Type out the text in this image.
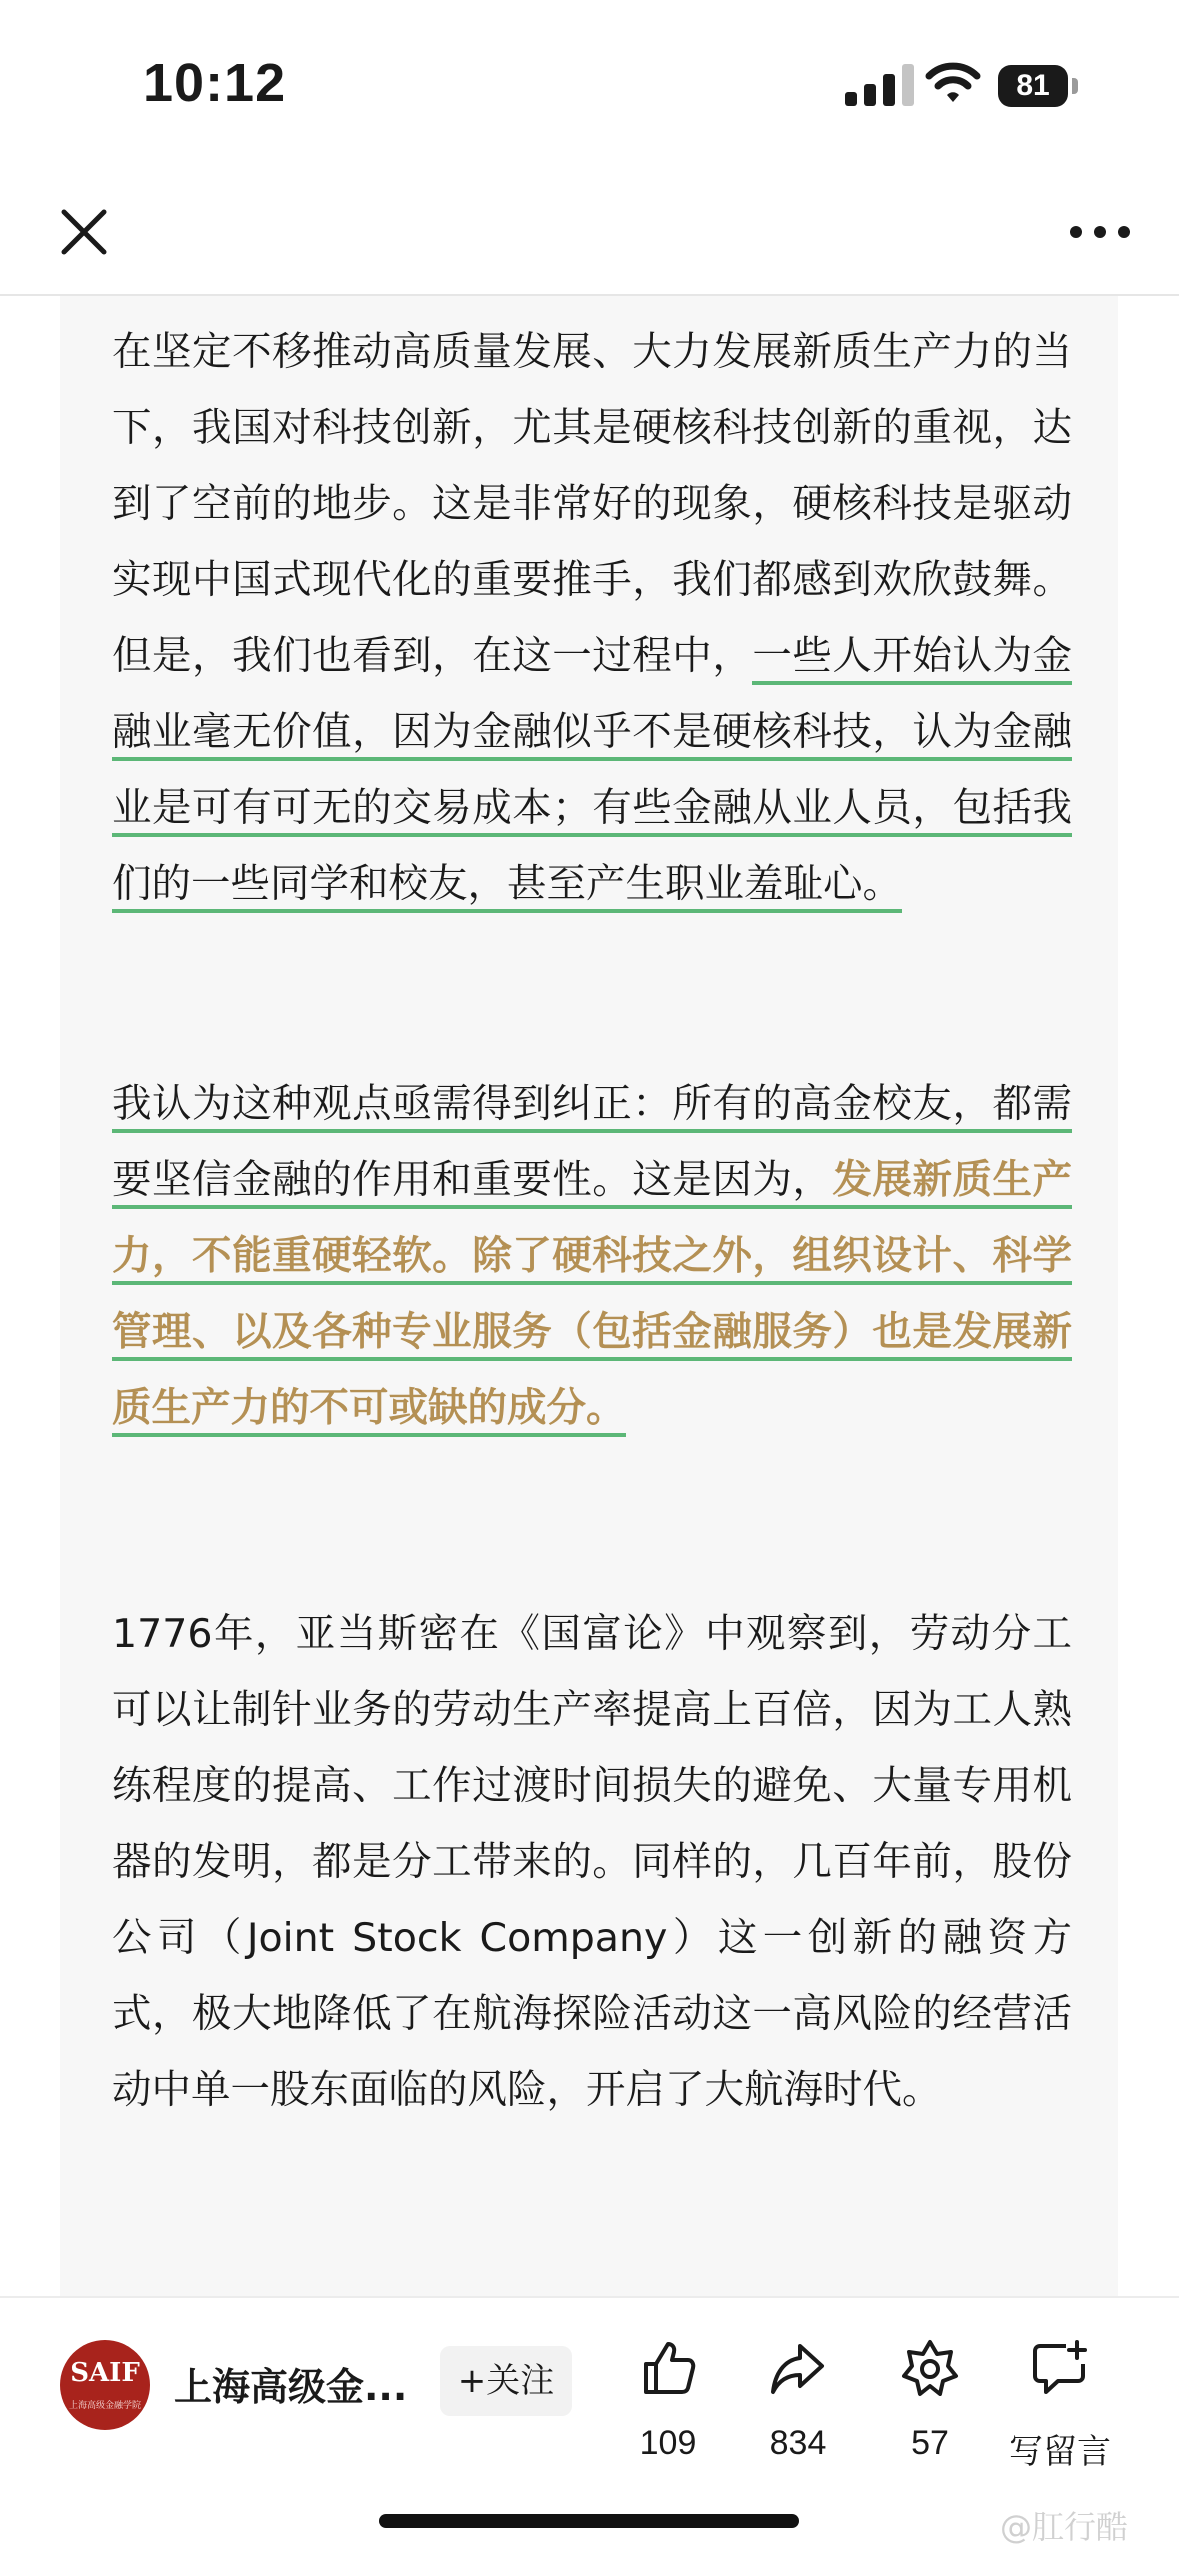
10:12	81

在坚定不移推动高质量发展、大力发展新质生产力的当下，我国对科技创新，尤其是硬核科技创新的重视，达到了空前的地步。这是非常好的现象，硬核科技是驱动实现中国式现代化的重要推手，我们都感到欢欣鼓舞。但是，我们也看到，在这一过程中，一些人开始认为金融业毫无价值，因为金融似乎不是硬核科技，认为金融业是可有可无的交易成本；有些金融从业人员，包括我们的一些同学和校友，甚至产生职业羞耻心。

我认为这种观点亟需得到纠正：所有的高金校友，都需要坚信金融的作用和重要性。这是因为，发展新质生产力，不能重硬轻软。除了硬科技之外，组织设计、科学管理、以及各种专业服务（包括金融服务）也是发展新质生产力的不可或缺的成分。

1776年，亚当斯密在《国富论》中观察到，劳动分工可以让制针业务的劳动生产率提高上百倍，因为工人熟练程度的提高、工作过渡时间损失的避免、大量专用机器的发明，都是分工带来的。同样的，几百年前，股份公司（Joint Stock Company）这一创新的融资方式，极大地降低了在航海探险活动这一高风险的经营活动中单一股东面临的风险，开启了大航海时代。

SAIF
上海高级金融学院 上海高级金...	+关注
109	834	57	写留言
@肛行酷
